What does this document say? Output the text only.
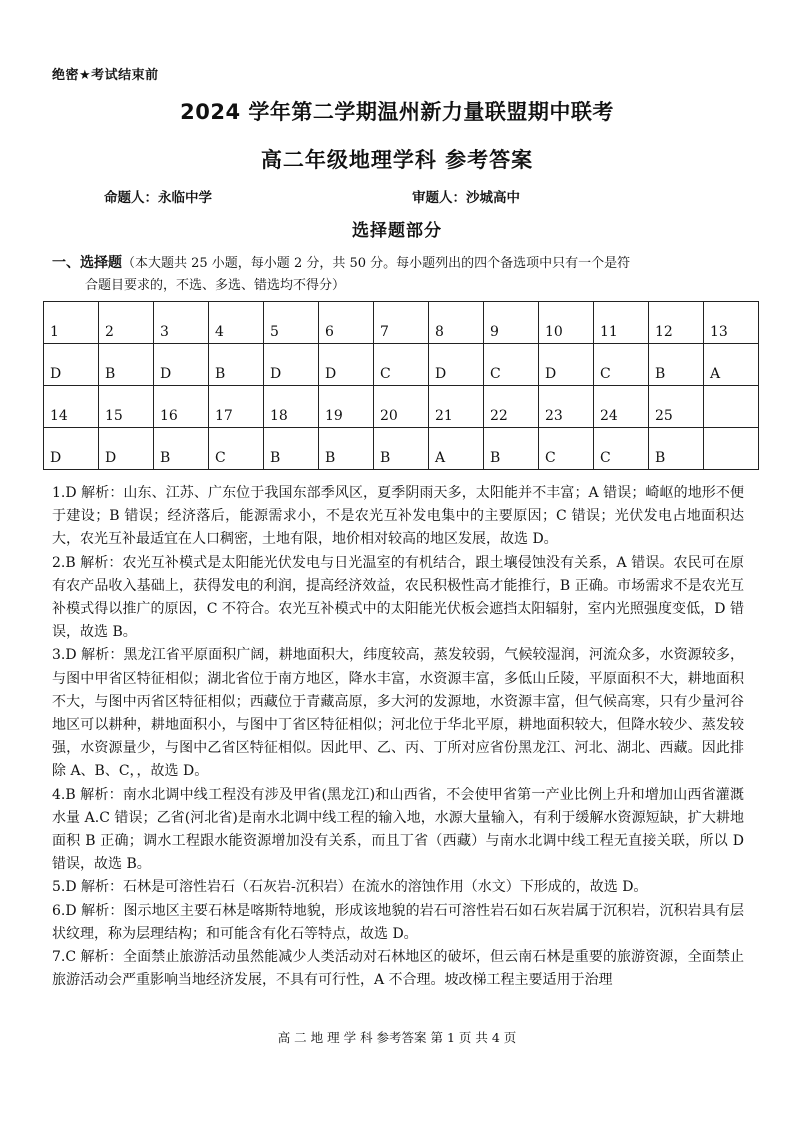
绝密★考试结束前
2024 学年第二学期温州新力量联盟期中联考
高二年级地理学科 参考答案
命题人：永临中学	审题人：沙城高中
选择题部分
一、选择题（本大题共 25 小题，每小题 2 分，共 50 分。每小题列出的四个备选项中只有一个是符
合题目要求的，不选、多选、错选均不得分）
1	2	3	4	5	6	7	8	9	10	11	12	13
D	B	D	B	D	D	C	D	C	D	C	B	A
14	15	16	17	18	19	20	21	22	23	24	25	
D	D	B	C	B	B	B	A	B	C	C	B	

1.D 解析：山东、江苏、广东位于我国东部季风区，夏季阴雨天多，太阳能并不丰富；A 错误；崎岖的地形不便于建设；B 错误；经济落后，能源需求小，不是农光互补发电集中的主要原因；C 错误；光伏发电占地面积达大，农光互补最适宜在人口稠密，土地有限，地价相对较高的地区发展，故选 D。

2.B 解析：农光互补模式是太阳能光伏发电与日光温室的有机结合，跟土壤侵蚀没有关系，A 错误。农民可在原有农产品收入基础上，获得发电的利润，提高经济效益，农民积极性高才能推行，B 正确。市场需求不是农光互补模式得以推广的原因，C 不符合。农光互补模式中的太阳能光伏板会遮挡太阳辐射，室内光照强度变低，D 错误，故选 B。

3.D 解析：黑龙江省平原面积广阔，耕地面积大，纬度较高，蒸发较弱，气候较湿润，河流众多，水资源较多，与图中甲省区特征相似；湖北省位于南方地区，降水丰富，水资源丰富，多低山丘陵，平原面积不大，耕地面积不大，与图中丙省区特征相似；西藏位于青藏高原，多大河的发源地，水资源丰富，但气候高寒，只有少量河谷地区可以耕种，耕地面积小，与图中丁省区特征相似；河北位于华北平原，耕地面积较大，但降水较少、蒸发较强，水资源量少，与图中乙省区特征相似。因此甲、乙、丙、丁所对应省份黑龙江、河北、湖北、西藏。因此排除 A、B、C，，故选 D。

4.B 解析：南水北调中线工程没有涉及甲省(黑龙江)和山西省，不会使甲省第一产业比例上升和增加山西省灌溉水量 A.C 错误；乙省(河北省)是南水北调中线工程的输入地，水源大量输入，有利于缓解水资源短缺，扩大耕地面积 B 正确；调水工程跟水能资源增加没有关系，而且丁省（西藏）与南水北调中线工程无直接关联，所以 D 错误，故选 B。

5.D 解析：石林是可溶性岩石（石灰岩-沉积岩）在流水的溶蚀作用（水文）下形成的，故选 D。

6.D 解析：图示地区主要石林是喀斯特地貌，形成该地貌的岩石可溶性岩石如石灰岩属于沉积岩，沉积岩具有层状纹理，称为层理结构；和可能含有化石等特点，故选 D。

7.C 解析：全面禁止旅游活动虽然能减少人类活动对石林地区的破坏，但云南石林是重要的旅游资源，全面禁止旅游活动会严重影响当地经济发展，不具有可行性，A 不合理。坡改梯工程主要适用于治理

高 二 地 理 学 科 参考答案 第 1 页 共 4 页
